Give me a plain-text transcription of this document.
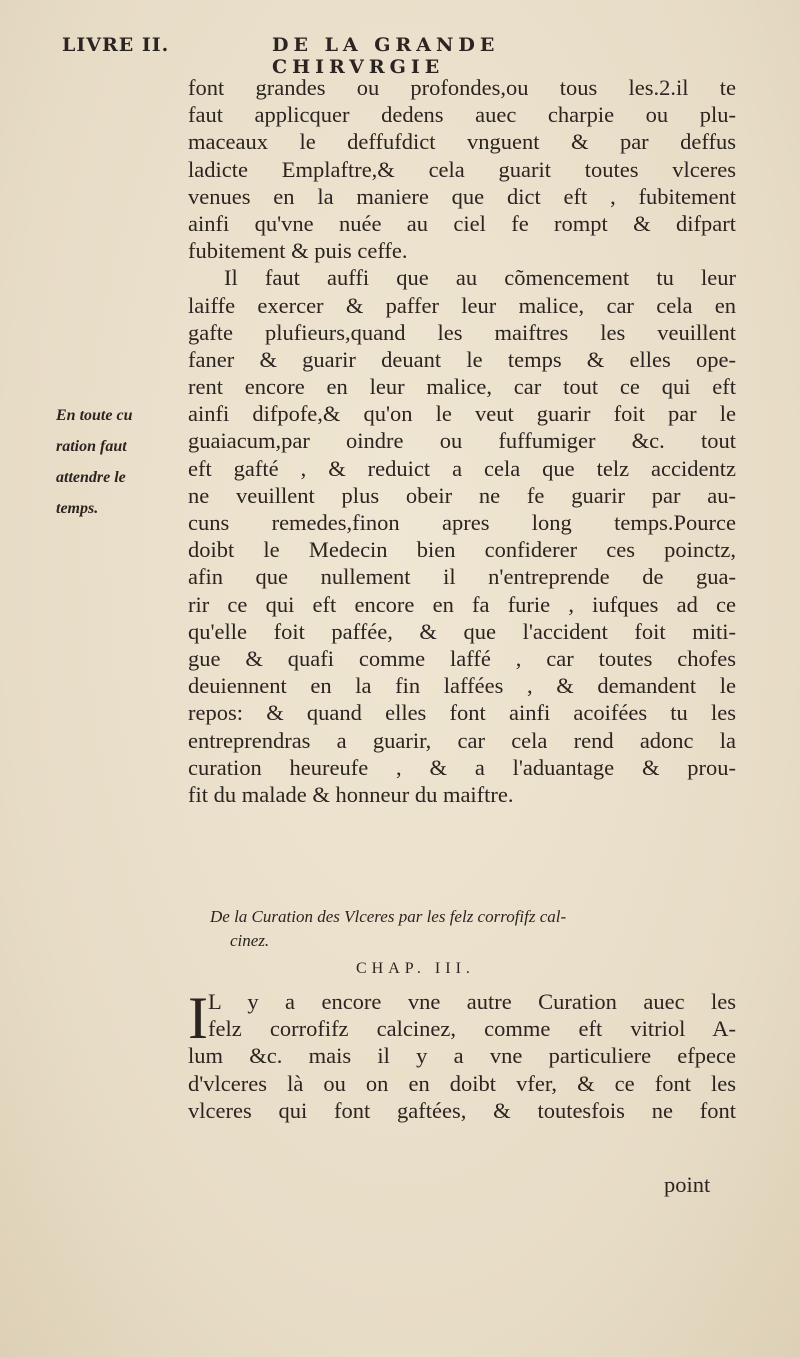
LIVRE II.	DE LA GRANDE CHIRVRGIE
En toute cu
ration faut
attendre le
temps.
font grandes ou profondes,ou tous les.2.il te
faut applicquer dedens auec charpie ou plu-
maceaux le deffufdict vnguent & par deffus
ladicte Emplaftre,& cela guarit toutes vlceres
venues en la maniere que dict eft , fubitement
ainfi qu'vne nuée au ciel fe rompt & difpart
fubitement & puis ceffe.
Il faut auffi que au cõmencement tu leur
laiffe exercer & paffer leur malice, car cela en
gafte plufieurs,quand les maiftres les veuillent
faner & guarir deuant le temps & elles ope-
rent encore en leur malice, car tout ce qui eft
ainfi difpofe,& qu'on le veut guarir foit par le
guaiacum,par oindre ou fuffumiger &c. tout
eft gafté , & reduict a cela que telz accidentz
ne veuillent plus obeir ne fe guarir par au-
cuns remedes,finon apres long temps.Pource
doibt le Medecin bien confiderer ces poinctz,
afin que nullement il n'entreprende de gua-
rir ce qui eft encore en fa furie , iufques ad ce
qu'elle foit paffée, & que l'accident foit miti-
gue & quafi comme laffé , car toutes chofes
deuiennent en la fin laffées , & demandent le
repos: & quand elles font ainfi acoifées tu les
entreprendras a guarir, car cela rend adonc la
curation heureufe , & a l'aduantage & prou-
fit du malade & honneur du maiftre.
De la Curation des Vlceres par les felz corrofifz cal-
cinez.
CHAP. III.
I L y a encore vne autre Curation auec les
felz corrofifz calcinez, comme eft vitriol A-
lum &c. mais il y a vne particuliere efpece
d'vlceres là ou on en doibt vfer, & ce font les
vlceres qui font gaftées, & toutesfois ne font
point
